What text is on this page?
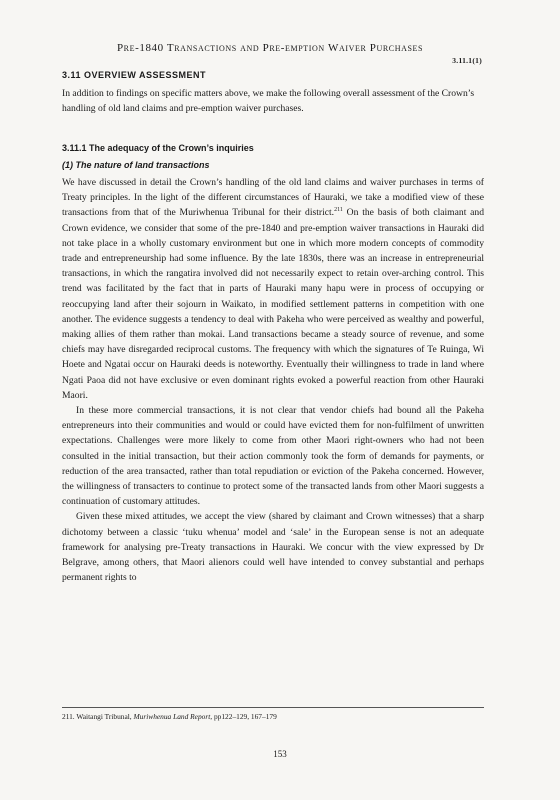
Pre-1840 Transactions and Pre-emption Waiver Purchases
3.11.1(1)
3.11 OVERVIEW ASSESSMENT

In addition to findings on specific matters above, we make the following overall assessment of the Crown’s handling of old land claims and pre-emption waiver purchases.

3.11.1 The adequacy of the Crown’s inquiries
(1) The nature of land transactions

We have discussed in detail the Crown’s handling of the old land claims and waiver purchases in terms of Treaty principles. In the light of the different circumstances of Hauraki, we take a modified view of these transactions from that of the Muriwhenua Tribunal for their district.$^{211}$ On the basis of both claimant and Crown evidence, we consider that some of the pre-1840 and pre-emption waiver transactions in Hauraki did not take place in a wholly customary environment but one in which more modern concepts of commodity trade and entrepreneurship had some influence. By the late 1830s, there was an increase in entrepreneurial transactions, in which the rangatira involved did not necessarily expect to retain over-arching control. This trend was facilitated by the fact that in parts of Hauraki many hapu were in process of occupying or reoccupying land after their sojourn in Waikato, in modified settlement patterns in competition with one another. The evidence suggests a tendency to deal with Pakeha who were perceived as wealthy and powerful, making allies of them rather than mokai. Land transactions became a steady source of revenue, and some chiefs may have disregarded reciprocal customs. The frequency with which the signatures of Te Ruinga, Wi Hoete and Ngatai occur on Hauraki deeds is noteworthy. Eventually their willingness to trade in land where Ngati Paoa did not have exclusive or even dominant rights evoked a powerful reaction from other Hauraki Maori.

In these more commercial transactions, it is not clear that vendor chiefs had bound all the Pakeha entrepreneurs into their communities and would or could have evicted them for non-fulfilment of unwritten expectations. Challenges were more likely to come from other Maori right-owners who had not been consulted in the initial transaction, but their action commonly took the form of demands for payments, or reduction of the area transacted, rather than total repudiation or eviction of the Pakeha concerned. However, the willingness of transacters to continue to protect some of the transacted lands from other Maori suggests a continuation of customary attitudes.

Given these mixed attitudes, we accept the view (shared by claimant and Crown witnesses) that a sharp dichotomy between a classic ‘tuku whenua’ model and ‘sale’ in the European sense is not an adequate framework for analysing pre-Treaty transactions in Hauraki. We concur with the view expressed by Dr Belgrave, among others, that Maori alienors could well have intended to convey substantial and perhaps permanent rights to

211. Waitangi Tribunal, Muriwhenua Land Report, pp122–129, 167–179
153
